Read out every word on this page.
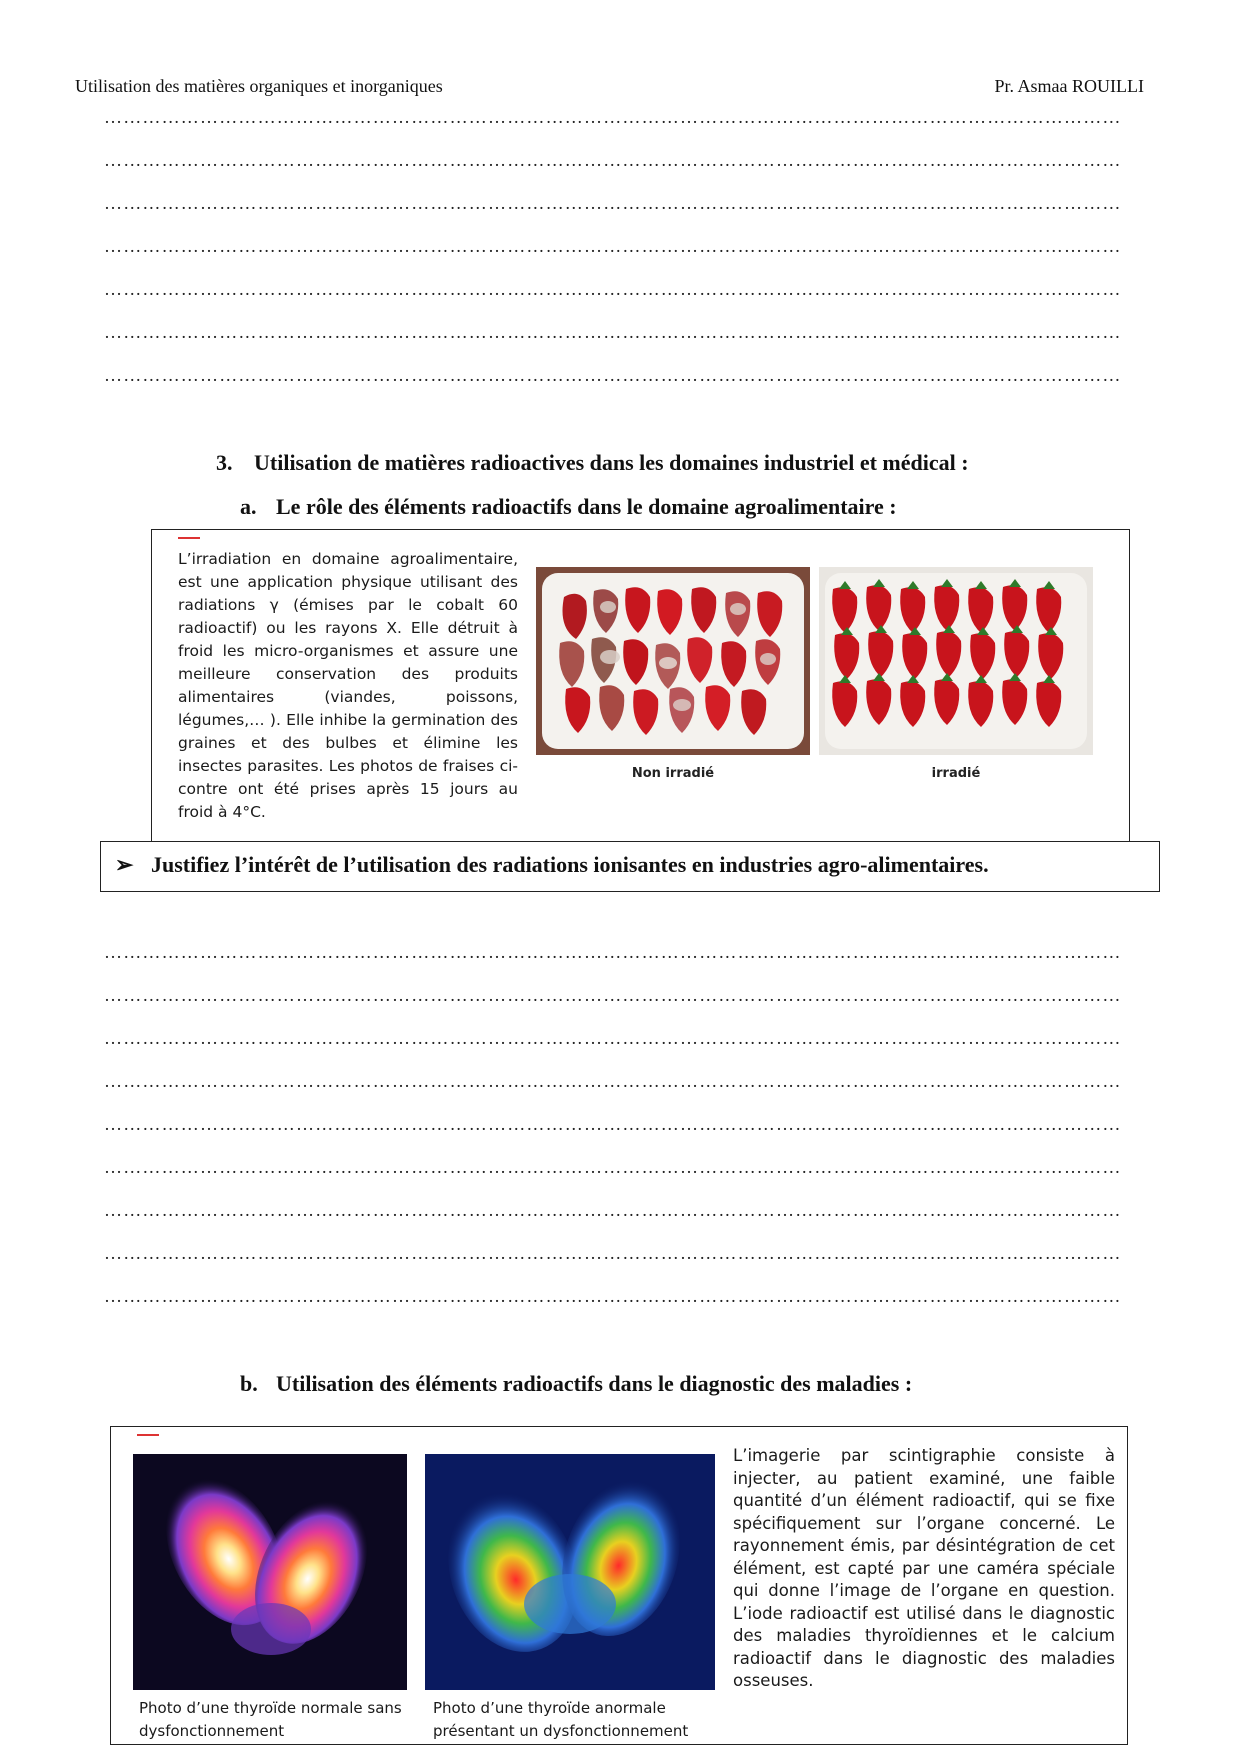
Utilisation des matières organiques et inorganiques	Pr. Asmaa ROUILLI
……………………………………………………………………………………………………………………………………………
……………………………………………………………………………………………………………………………………………
……………………………………………………………………………………………………………………………………………
……………………………………………………………………………………………………………………………………………
……………………………………………………………………………………………………………………………………………
……………………………………………………………………………………………………………………………………………
……………………………………………………………………………………………………………………………………………
3. Utilisation de matières radioactives dans les domaines industriel et médical :
a. Le rôle des éléments radioactifs dans le domaine agroalimentaire :
L’irradiation en domaine agroalimentaire, est une application physique utilisant des radiations γ (émises par le cobalt 60 radioactif) ou les rayons X. Elle détruit à froid les micro-organismes et assure une meilleure conservation des produits alimentaires (viandes, poissons, légumes,… ). Elle inhibe la germination des graines et des bulbes et élimine les insectes parasites. Les photos de fraises ci-contre ont été prises après 15 jours au froid à 4°C.
Non irradié	irradié
➢ Justifiez l’intérêt de l’utilisation des radiations ionisantes en industries agro-alimentaires.
……………………………………………………………………………………………………………………………………………
……………………………………………………………………………………………………………………………………………
……………………………………………………………………………………………………………………………………………
……………………………………………………………………………………………………………………………………………
……………………………………………………………………………………………………………………………………………
……………………………………………………………………………………………………………………………………………
……………………………………………………………………………………………………………………………………………
……………………………………………………………………………………………………………………………………………
……………………………………………………………………………………………………………………………………………
b. Utilisation des éléments radioactifs dans le diagnostic des maladies :
Photo d’une thyroïde normale sans dysfonctionnement
Photo d’une thyroïde anormale présentant un dysfonctionnement
L’imagerie par scintigraphie consiste à injecter, au patient examiné, une faible quantité d’un élément radioactif, qui se fixe spécifiquement sur l’organe concerné. Le rayonnement émis, par désintégration de cet élément, est capté par une caméra spéciale qui donne l’image de l’organe en question. L’iode radioactif est utilisé dans le diagnostic des maladies thyroïdiennes et le calcium radioactif dans le diagnostic des maladies osseuses.
